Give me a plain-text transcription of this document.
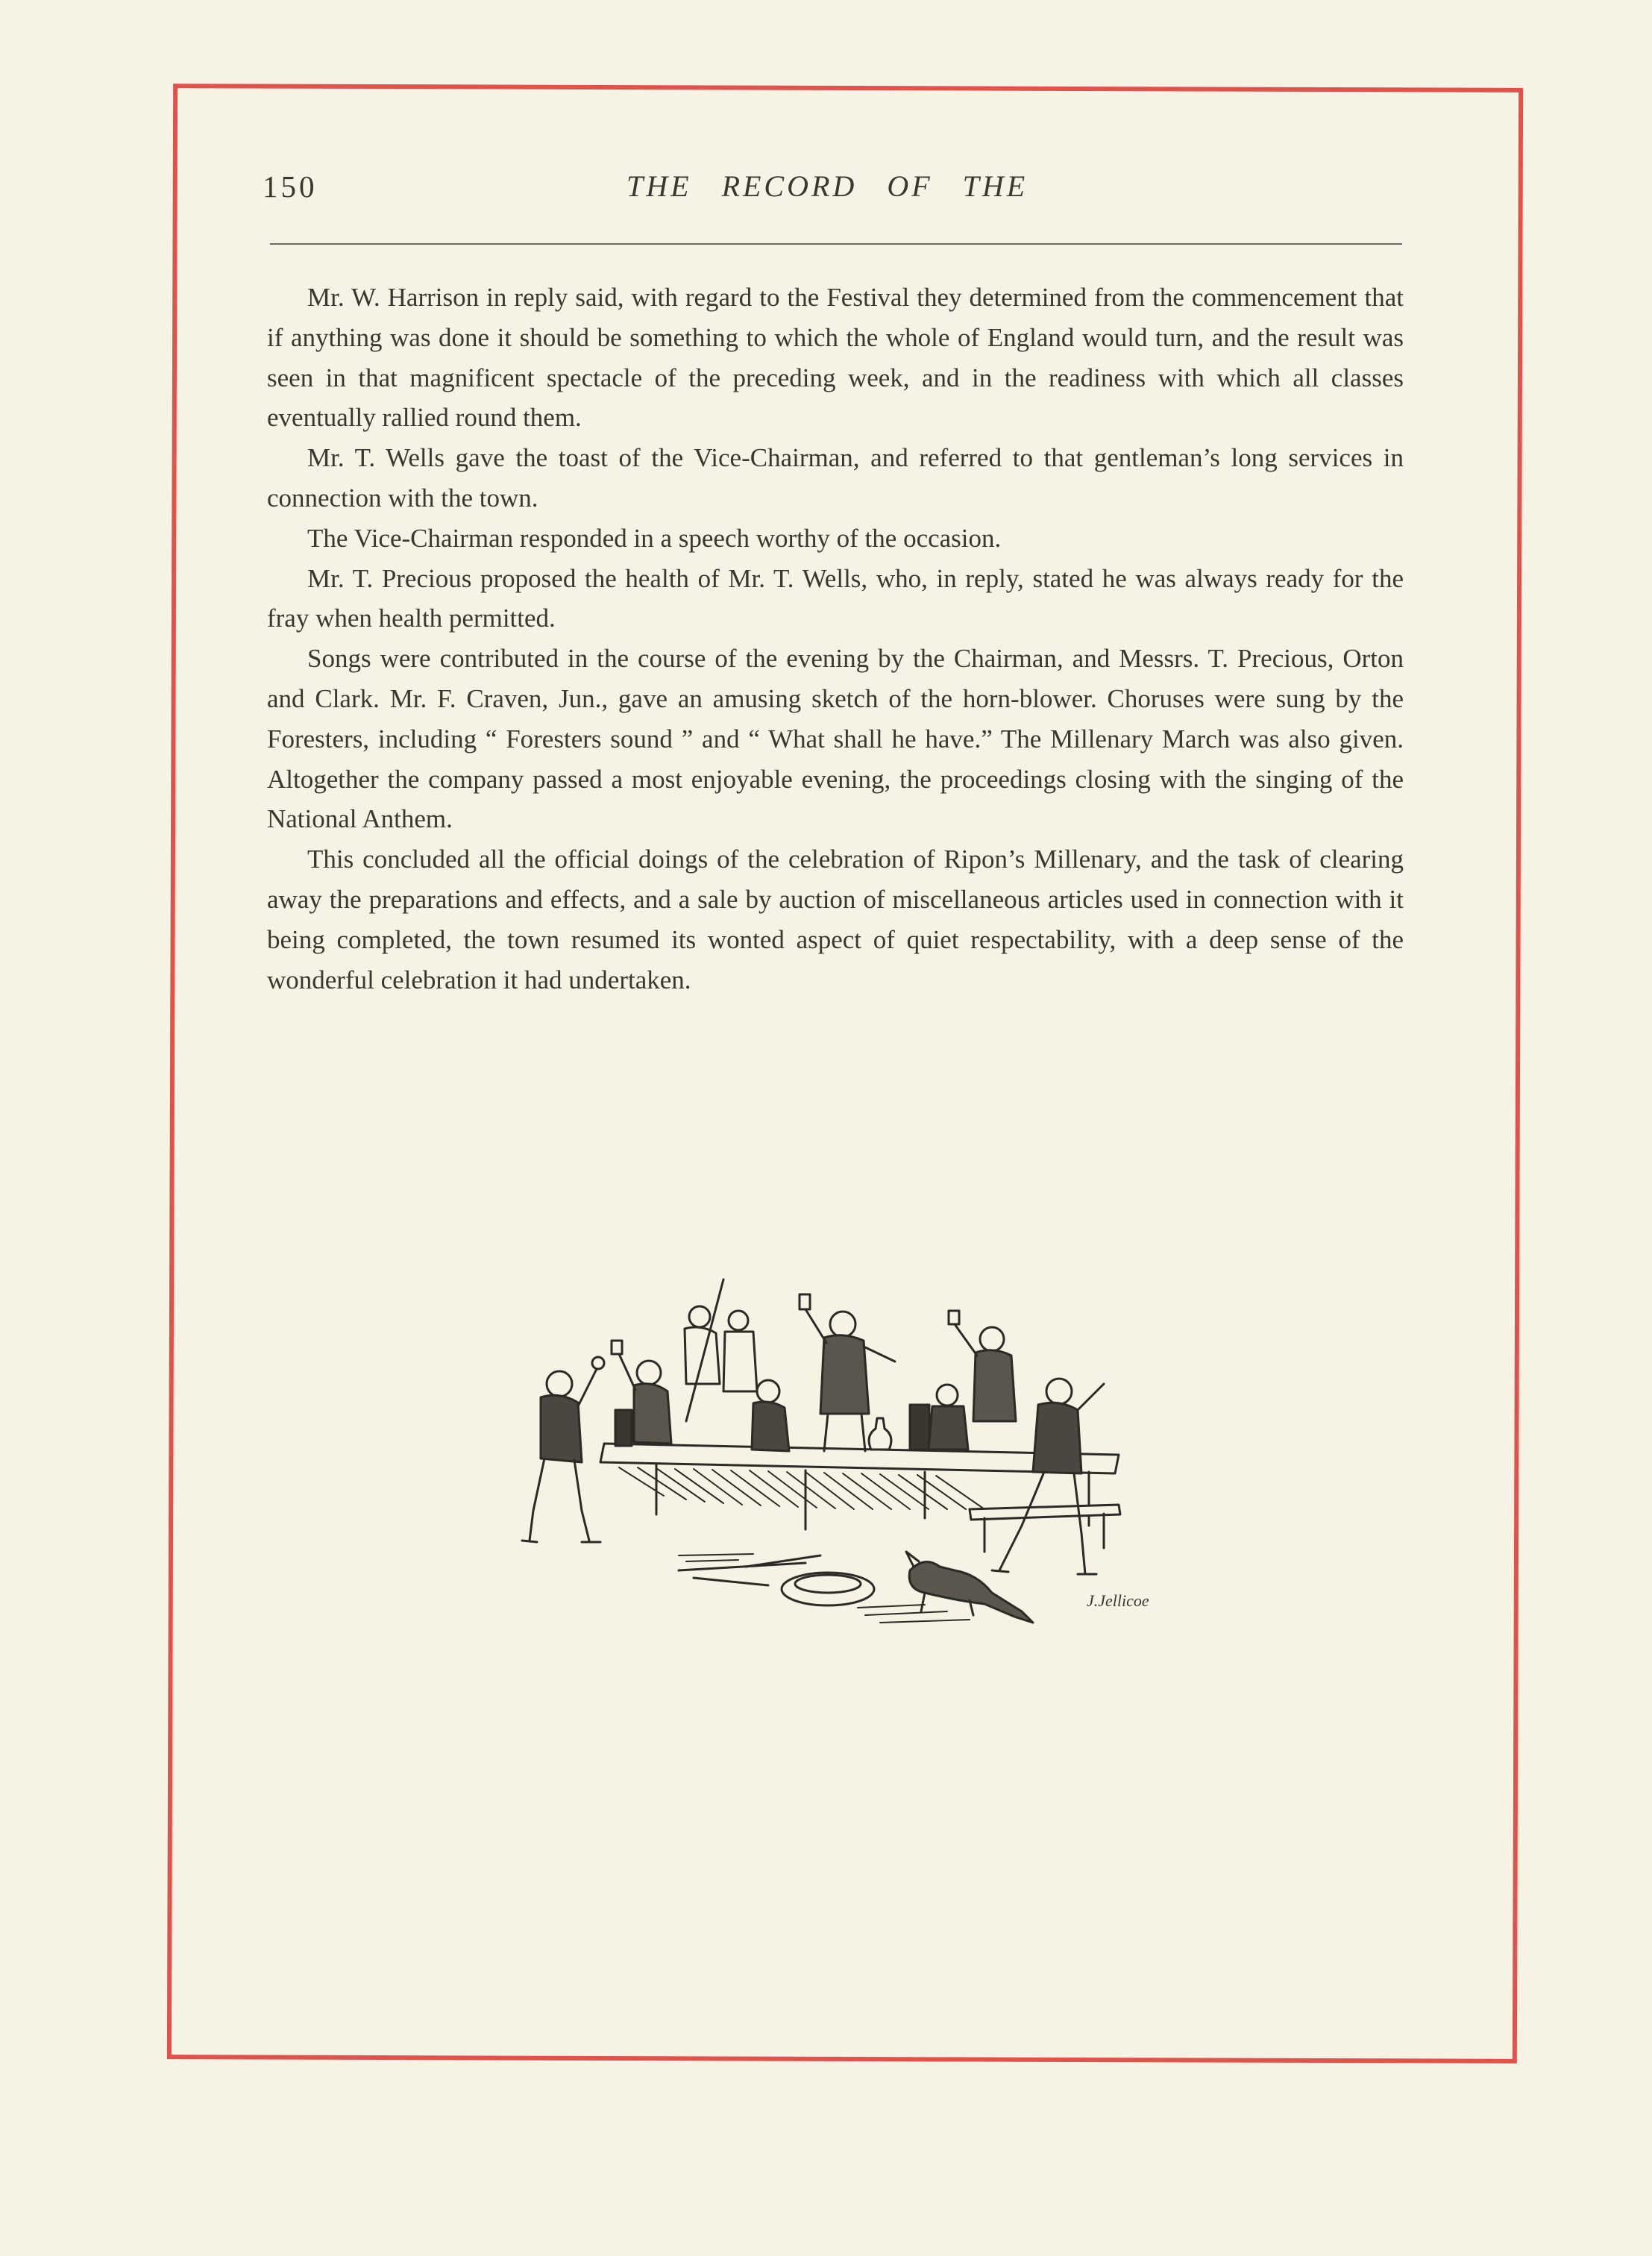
150	THE RECORD OF THE

Mr. W. Harrison in reply said, with regard to the Festival they determined from the commencement that if anything was done it should be something to which the whole of England would turn, and the result was seen in that magnificent spectacle of the preceding week, and in the readiness with which all classes eventually rallied round them.

Mr. T. Wells gave the toast of the Vice-Chairman, and referred to that gentleman’s long services in connection with the town.

The Vice-Chairman responded in a speech worthy of the occasion.

Mr. T. Precious proposed the health of Mr. T. Wells, who, in reply, stated he was always ready for the fray when health permitted.

Songs were contributed in the course of the evening by the Chairman, and Messrs. T. Precious, Orton and Clark. Mr. F. Craven, Jun., gave an amusing sketch of the horn-blower. Choruses were sung by the Foresters, including “ Foresters sound ” and “ What shall he have.” The Millenary March was also given. Altogether the company passed a most enjoyable evening, the proceedings closing with the singing of the National Anthem.

This concluded all the official doings of the celebration of Ripon’s Millenary, and the task of clearing away the preparations and effects, and a sale by auction of miscellaneous articles used in connection with it being completed, the town resumed its wonted aspect of quiet respectability, with a deep sense of the wonderful celebration it had undertaken.

J.Jellicoe
